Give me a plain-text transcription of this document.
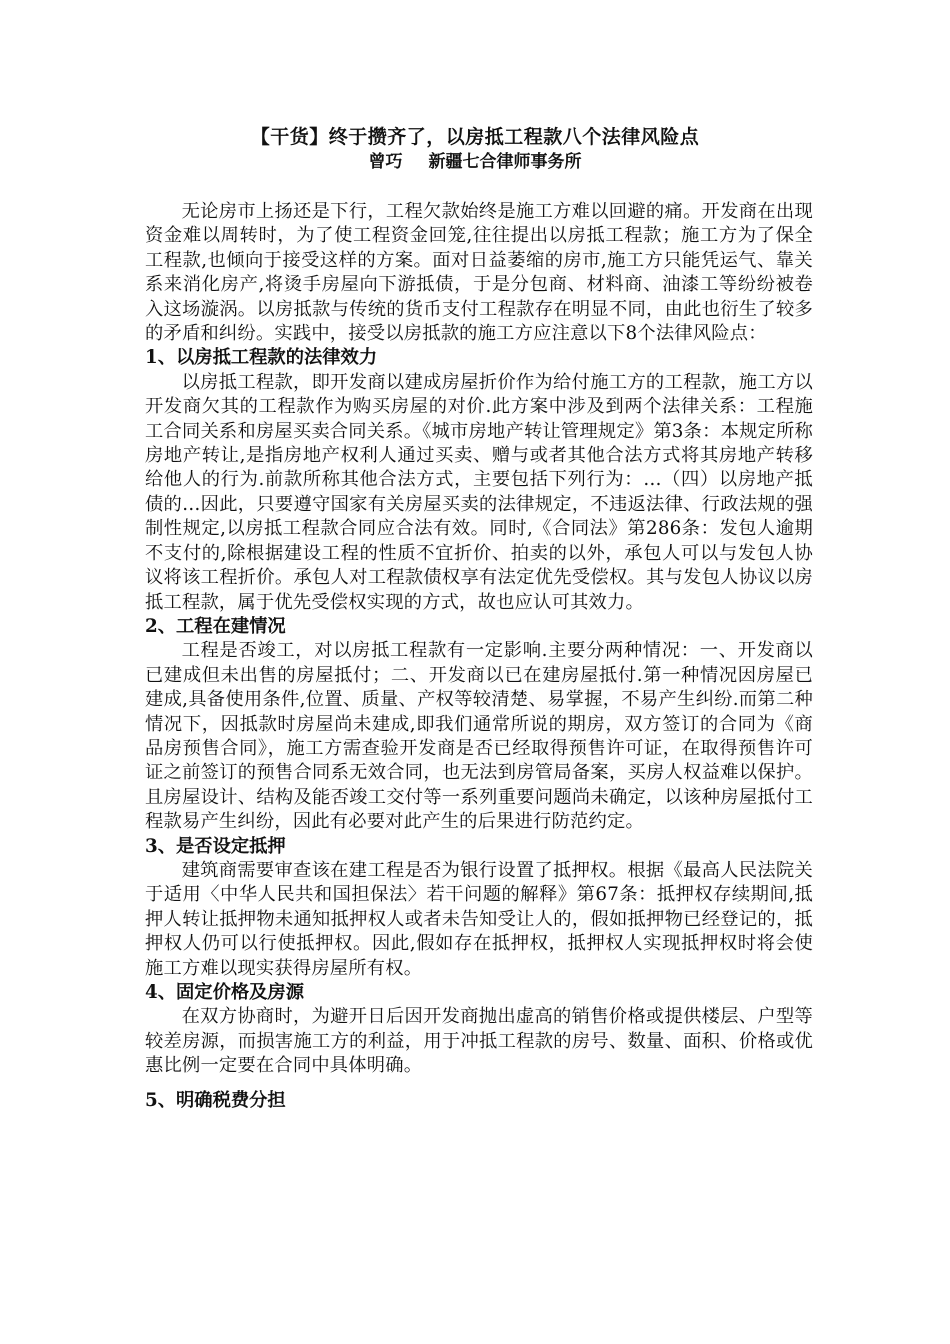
【干货】终于攒齐了，以房抵工程款八个法律风险点
曾巧 新疆七合律师事务所

无论房市上扬还是下行，工程欠款始终是施工方难以回避的痛。开发商在出现资金难以周转时，为了使工程资金回笼,往往提出以房抵工程款；施工方为了保全工程款,也倾向于接受这样的方案。面对日益萎缩的房市,施工方只能凭运气、靠关系来消化房产,将烫手房屋向下游抵债，于是分包商、材料商、油漆工等纷纷被卷入这场漩涡。以房抵款与传统的货币支付工程款存在明显不同，由此也衍生了较多的矛盾和纠纷。实践中，接受以房抵款的施工方应注意以下8个法律风险点：

1、以房抵工程款的法律效力

以房抵工程款，即开发商以建成房屋折价作为给付施工方的工程款，施工方以开发商欠其的工程款作为购买房屋的对价.此方案中涉及到两个法律关系：工程施工合同关系和房屋买卖合同关系。《城市房地产转让管理规定》第3条：本规定所称房地产转让,是指房地产权利人通过买卖、赠与或者其他合法方式将其房地产转移给他人的行为.前款所称其他合法方式，主要包括下列行为：…（四）以房地产抵债的…因此，只要遵守国家有关房屋买卖的法律规定，不违返法律、行政法规的强制性规定,以房抵工程款合同应合法有效。同时,《合同法》第286条：发包人逾期不支付的,除根据建设工程的性质不宜折价、拍卖的以外，承包人可以与发包人协议将该工程折价。承包人对工程款债权享有法定优先受偿权。其与发包人协议以房抵工程款，属于优先受偿权实现的方式，故也应认可其效力。

2、工程在建情况

工程是否竣工，对以房抵工程款有一定影响.主要分两种情况：一、开发商以已建成但未出售的房屋抵付；二、开发商以已在建房屋抵付.第一种情况因房屋已建成,具备使用条件,位置、质量、产权等较清楚、易掌握，不易产生纠纷.而第二种情况下，因抵款时房屋尚未建成,即我们通常所说的期房，双方签订的合同为《商品房预售合同》，施工方需查验开发商是否已经取得预售许可证，在取得预售许可证之前签订的预售合同系无效合同，也无法到房管局备案，买房人权益难以保护。且房屋设计、结构及能否竣工交付等一系列重要问题尚未确定，以该种房屋抵付工程款易产生纠纷，因此有必要对此产生的后果进行防范约定。

3、是否设定抵押

建筑商需要审查该在建工程是否为银行设置了抵押权。根据《最高人民法院关于适用〈中华人民共和国担保法〉若干问题的解释》第67条：抵押权存续期间,抵押人转让抵押物未通知抵押权人或者未告知受让人的，假如抵押物已经登记的，抵押权人仍可以行使抵押权。因此,假如存在抵押权，抵押权人实现抵押权时将会使施工方难以现实获得房屋所有权。

4、固定价格及房源

在双方协商时，为避开日后因开发商抛出虚高的销售价格或提供楼层、户型等较差房源，而损害施工方的利益，用于冲抵工程款的房号、数量、面积、价格或优惠比例一定要在合同中具体明确。

5、明确税费分担
